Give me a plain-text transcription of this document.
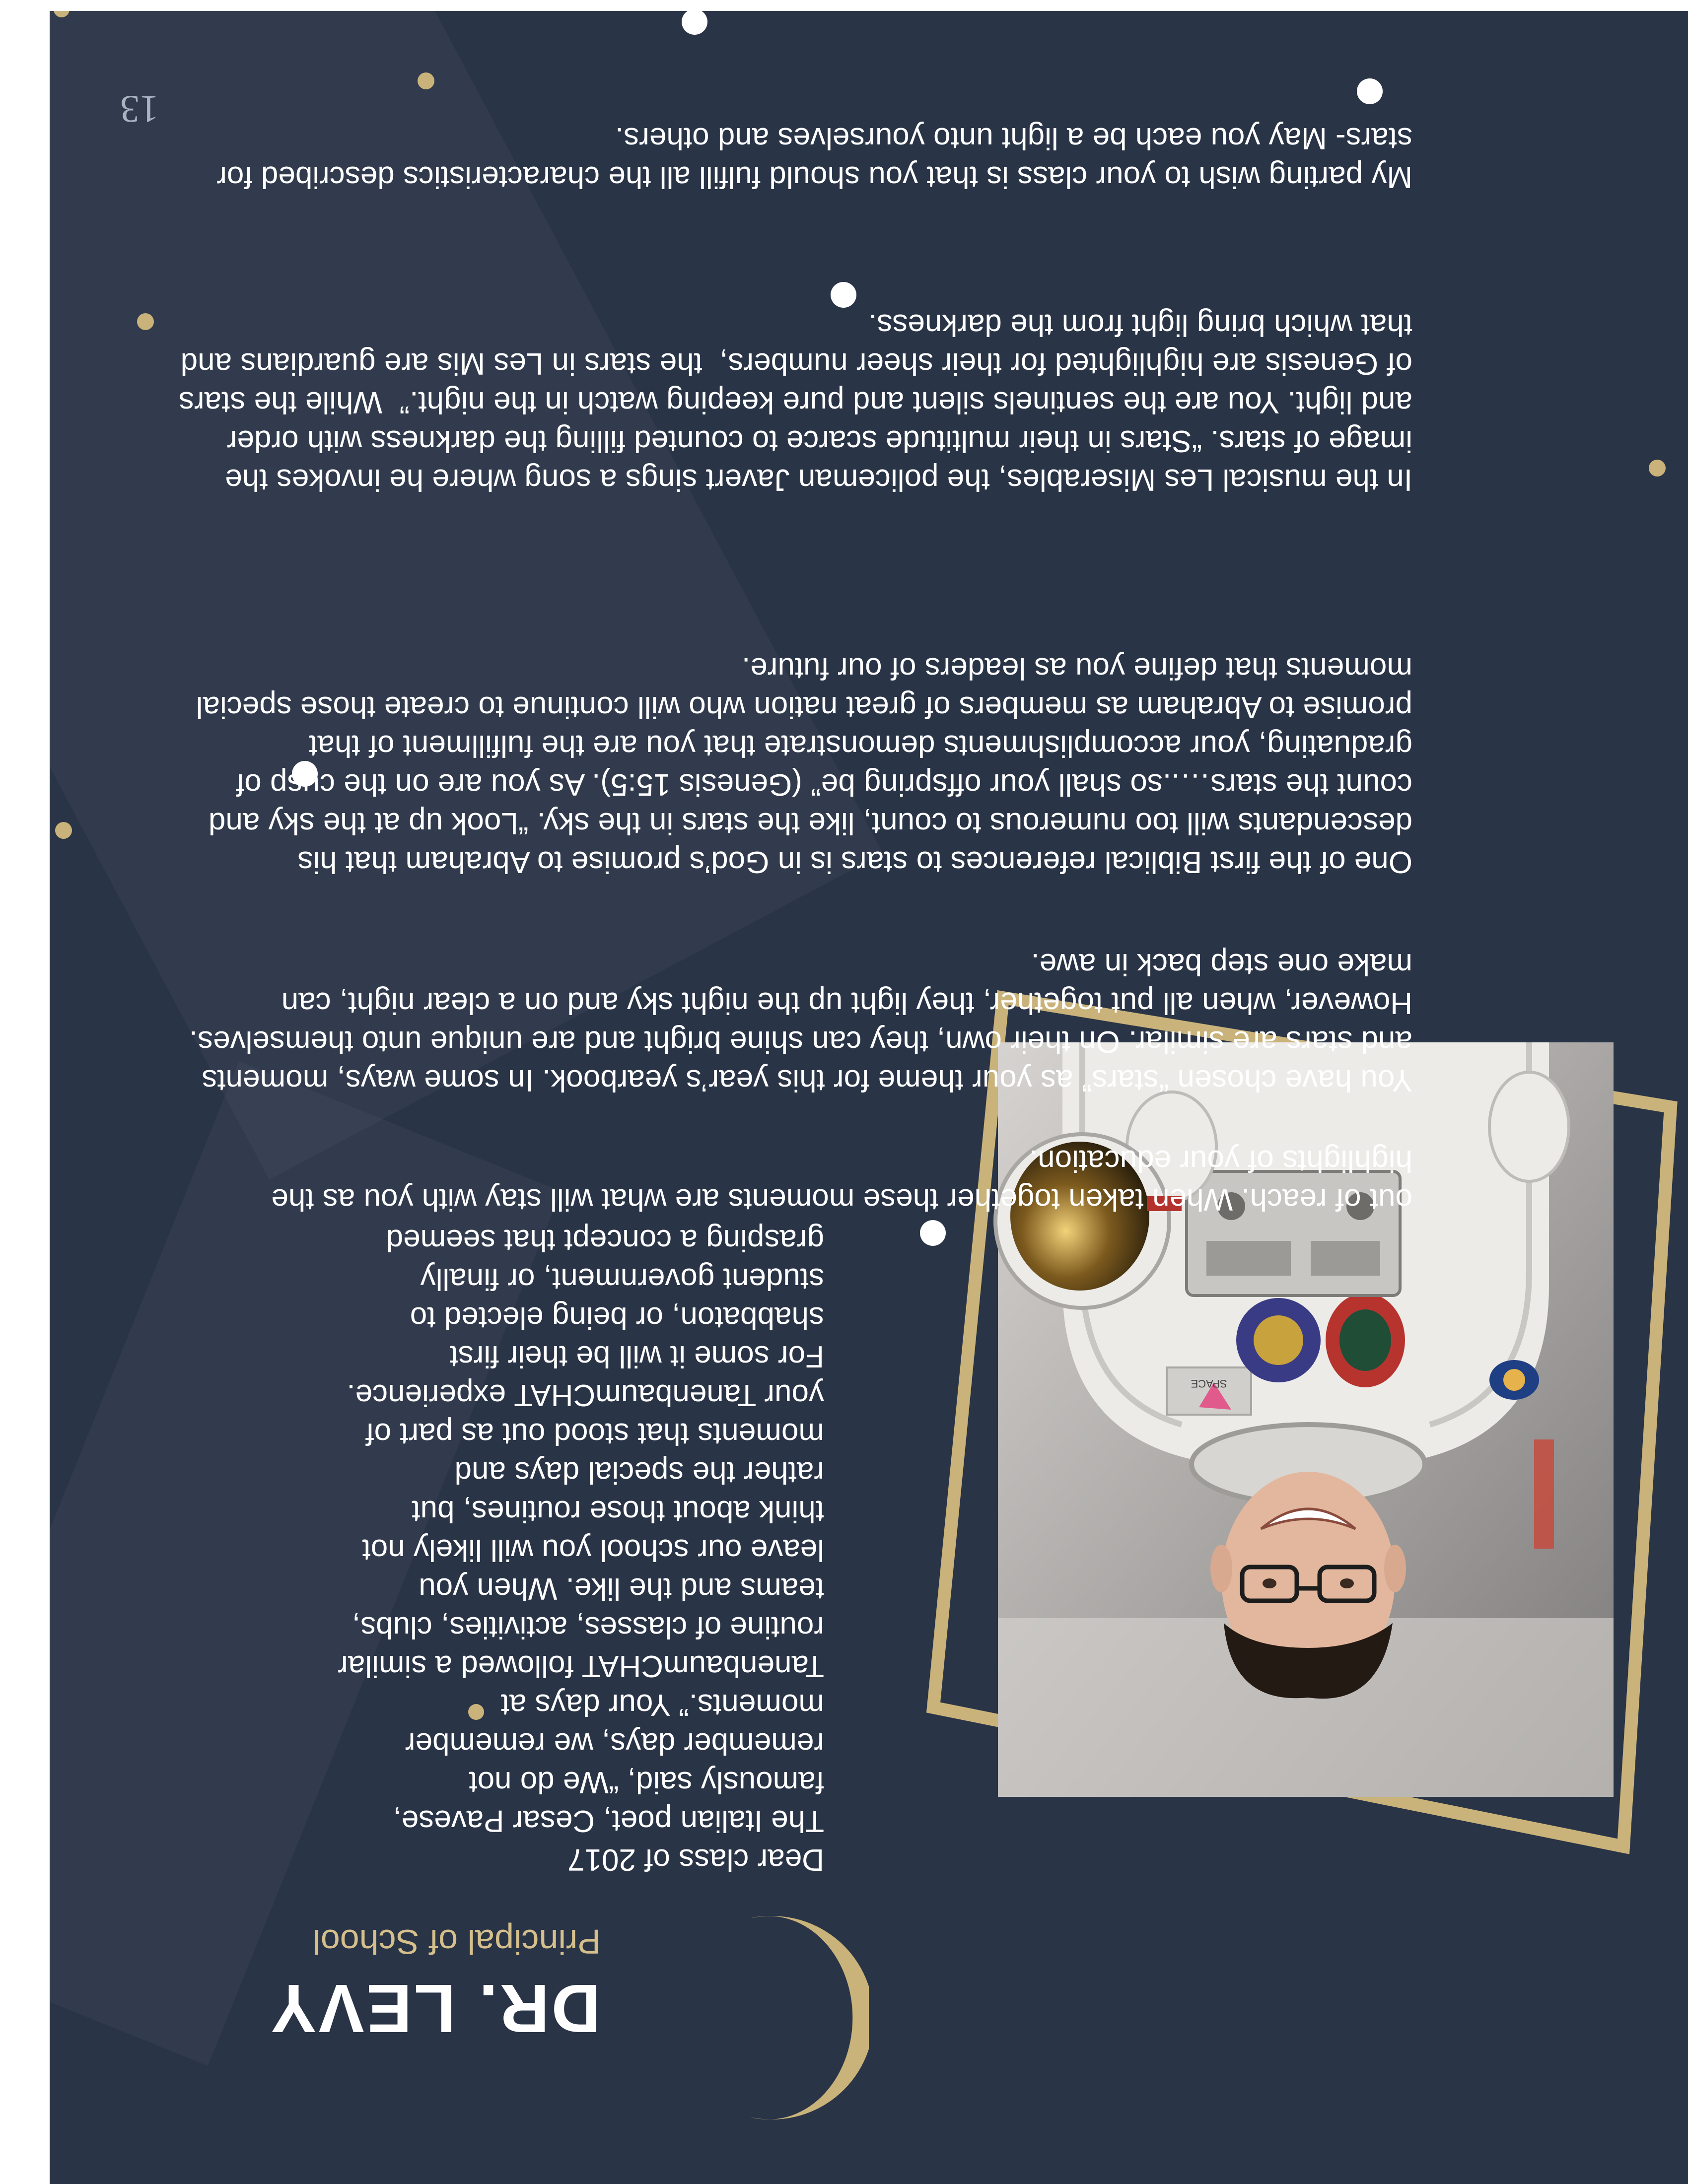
SPACE
DR. LEVY
Principal of School
Dear class of 2017
The Italian poet, Cesar Pavese,
famously said, “We do not
remember days, we remember
moments.” Your days at
TanenbaumCHAT followed a similar
routine of classes, activities, clubs,
teams and the like. When you
leave our school you will likely not
think about those routines, but
rather the special days and
moments that stood out as part of
your TanenbaumCHAT experience.
For some it will be their first
shabbaton, or being elected to
student government, or finally
grasping a concept that seemed
out of reach. When taken together these moments are what will stay with you as the
highlights of your education.
You have chosen “stars” as your theme for this year’s yearbook. In some ways, moments
and stars are similar. On their own, they can shine bright and are unique unto themselves.
However, when all put together, they light up the night sky and on a clear night, can
make one step back in awe.
One of the first Biblical references to stars is in God’s promise to Abraham that his
descendants will too numerous to count, like the stars in the sky. “Look up at the sky and
count the stars…..so shall your offspring be” (Genesis 15:5). As you are on the cusp of
graduating, your accomplishments demonstrate that you are the fulfillment of that
promise to Abraham as members of great nation who will continue to create those special
moments that define you as leaders of our future.
In the musical Les Miserables, the policeman Javert sings a song where he invokes the
image of stars. “Stars in their multitude scarce to counted filling the darkness with order
and light. You are the sentinels silent and pure keeping watch in the night.”  While the stars
of Genesis are highlighted for their sheer numbers,  the stars in Les Mis are guardians and
that which bring light from the darkness.
My parting wish to your class is that you should fulfill all the characteristics described for
stars- May you each be a light unto yourselves and others.
13
